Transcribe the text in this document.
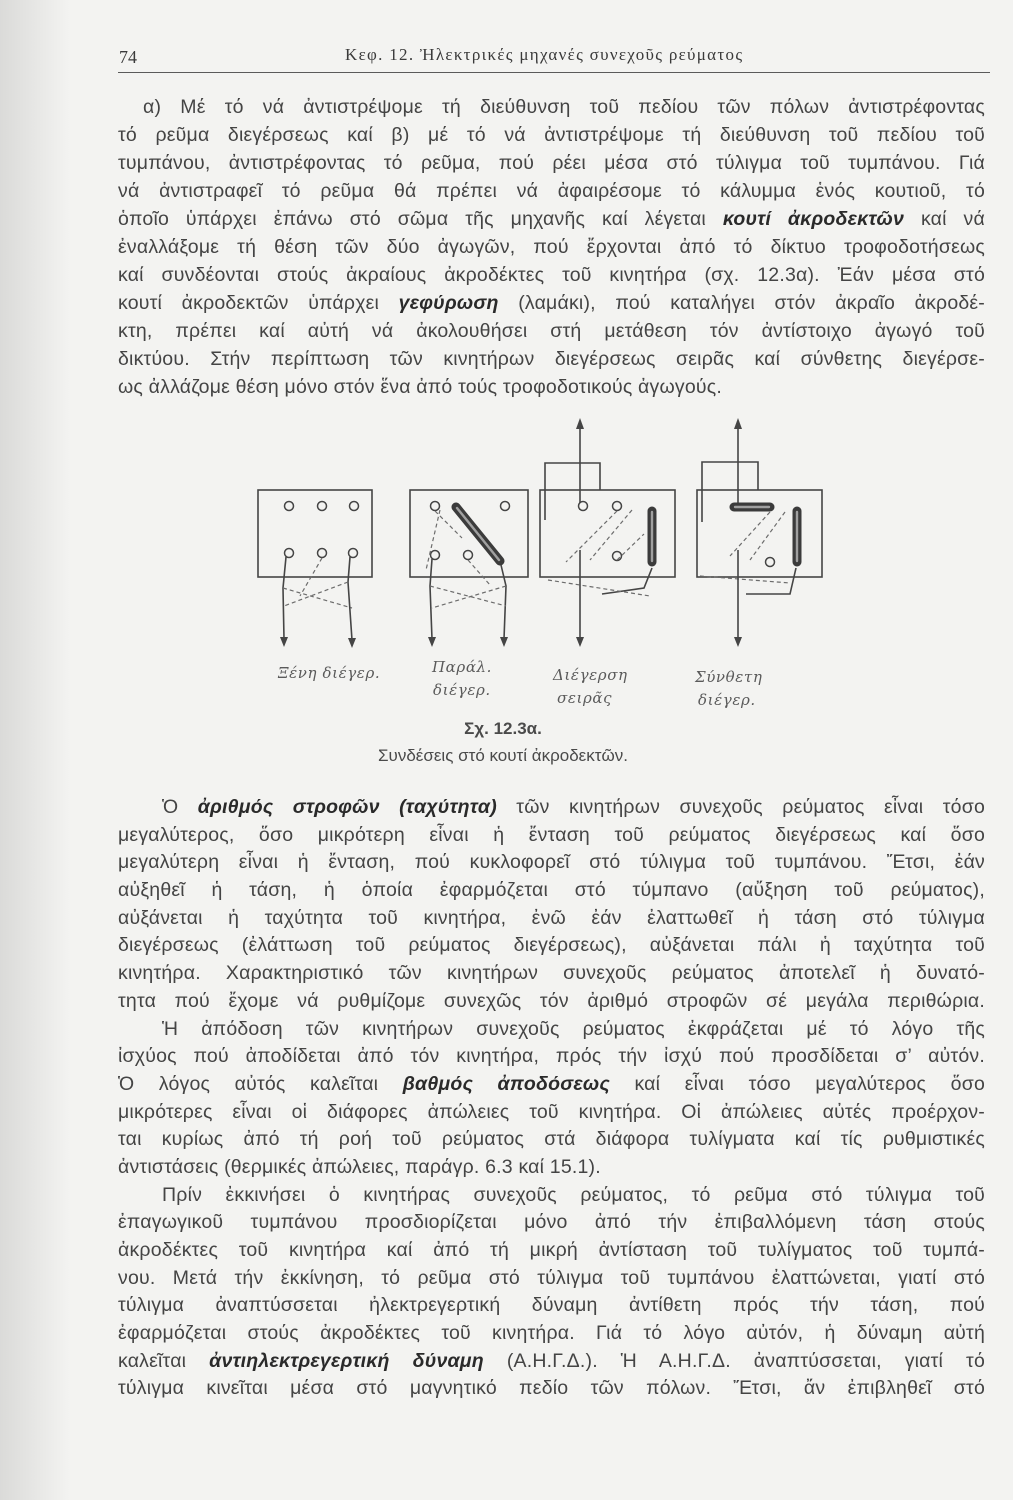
74	Κεφ. 12. Ἠλεκτρικές μηχανές συνεχοῦς ρεύματος
α) Μέ τό νά ἀντιστρέψομε τή διεύθυνση τοῦ πεδίου τῶν πόλων ἀντιστρέφοντας
τό ρεῦμα διεγέρσεως καί β) μέ τό νά ἀντιστρέψομε τή διεύθυνση τοῦ πεδίου τοῦ
τυμπάνου, ἀντιστρέφοντας τό ρεῦμα, πού ρέει μέσα στό τύλιγμα τοῦ τυμπάνου. Γιά
νά ἀντιστραφεῖ τό ρεῦμα θά πρέπει νά ἀφαιρέσομε τό κάλυμμα ἑνός κουτιοῦ, τό
ὁποῖο ὑπάρχει ἐπάνω στό σῶμα τῆς μηχανῆς καί λέγεται κουτί ἀκροδεκτῶν καί νά
ἐναλλάξομε τή θέση τῶν δύο ἀγωγῶν, πού ἔρχονται ἀπό τό δίκτυο τροφοδοτήσεως
καί συνδέονται στούς ἀκραίους ἀκροδέκτες τοῦ κινητήρα (σχ. 12.3α). Ἐάν μέσα στό
κουτί ἀκροδεκτῶν ὑπάρχει γεφύρωση (λαμάκι), πού καταλήγει στόν ἀκραῖο ἀκροδέ-
κτη, πρέπει καί αὐτή νά ἀκολουθήσει στή μετάθεση τόν ἀντίστοιχο ἀγωγό τοῦ
δικτύου. Στήν περίπτωση τῶν κινητήρων διεγέρσεως σειρᾶς καί σύνθετης διεγέρσε-
ως ἀλλάζομε θέση μόνο στόν ἕνα ἀπό τούς τροφοδοτικούς ἀγωγούς.
Ξένη διέγερ.	Παράλ.
διέγερ.
Διέγερση
σειρᾶς
Σύνθετη
διέγερ.
Σχ. 12.3α.
Συνδέσεις στό κουτί ἀκροδεκτῶν.
Ὁ ἀριθμός στροφῶν (ταχύτητα) τῶν κινητήρων συνεχοῦς ρεύματος εἶναι τόσο
μεγαλύτερος, ὅσο μικρότερη εἶναι ἡ ἔνταση τοῦ ρεύματος διεγέρσεως καί ὅσο
μεγαλύτερη εἶναι ἡ ἔνταση, πού κυκλοφορεῖ στό τύλιγμα τοῦ τυμπάνου. Ἔτσι, ἐάν
αὐξηθεῖ ἡ τάση, ἡ ὁποία ἐφαρμόζεται στό τύμπανο (αὔξηση τοῦ ρεύματος),
αὐξάνεται ἡ ταχύτητα τοῦ κινητήρα, ἐνῶ ἐάν ἐλαττωθεῖ ἡ τάση στό τύλιγμα
διεγέρσεως (ἐλάττωση τοῦ ρεύματος διεγέρσεως), αὐξάνεται πάλι ἡ ταχύτητα τοῦ
κινητήρα. Χαρακτηριστικό τῶν κινητήρων συνεχοῦς ρεύματος ἀποτελεῖ ἡ δυνατό-
τητα πού ἔχομε νά ρυθμίζομε συνεχῶς τόν ἀριθμό στροφῶν σέ μεγάλα περιθώρια.
Ἡ ἀπόδοση τῶν κινητήρων συνεχοῦς ρεύματος ἐκφράζεται μέ τό λόγο τῆς
ἰσχύος πού ἀποδίδεται ἀπό τόν κινητήρα, πρός τήν ἰσχύ πού προσδίδεται σ’ αὐτόν.
Ὁ λόγος αὐτός καλεῖται βαθμός ἀποδόσεως καί εἶναι τόσο μεγαλύτερος ὅσο
μικρότερες εἶναι οἱ διάφορες ἀπώλειες τοῦ κινητήρα. Οἱ ἀπώλειες αὐτές προέρχον-
ται κυρίως ἀπό τή ροή τοῦ ρεύματος στά διάφορα τυλίγματα καί τίς ρυθμιστικές
ἀντιστάσεις (θερμικές ἀπώλειες, παράγρ. 6.3 καί 15.1).
Πρίν ἐκκινήσει ὁ κινητήρας συνεχοῦς ρεύματος, τό ρεῦμα στό τύλιγμα τοῦ
ἐπαγωγικοῦ τυμπάνου προσδιορίζεται μόνο ἀπό τήν ἐπιβαλλόμενη τάση στούς
ἀκροδέκτες τοῦ κινητήρα καί ἀπό τή μικρή ἀντίσταση τοῦ τυλίγματος τοῦ τυμπά-
νου. Μετά τήν ἐκκίνηση, τό ρεῦμα στό τύλιγμα τοῦ τυμπάνου ἐλαττώνεται, γιατί στό
τύλιγμα ἀναπτύσσεται ἠλεκτρεγερτική δύναμη ἀντίθετη πρός τήν τάση, πού
ἐφαρμόζεται στούς ἀκροδέκτες τοῦ κινητήρα. Γιά τό λόγο αὐτόν, ἡ δύναμη αὐτή
καλεῖται ἀντιηλεκτρεγερτική δύναμη (Α.Η.Γ.Δ.). Ἡ Α.Η.Γ.Δ. ἀναπτύσσεται, γιατί τό
τύλιγμα κινεῖται μέσα στό μαγνητικό πεδίο τῶν πόλων. Ἔτσι, ἄν ἐπιβληθεῖ στό
